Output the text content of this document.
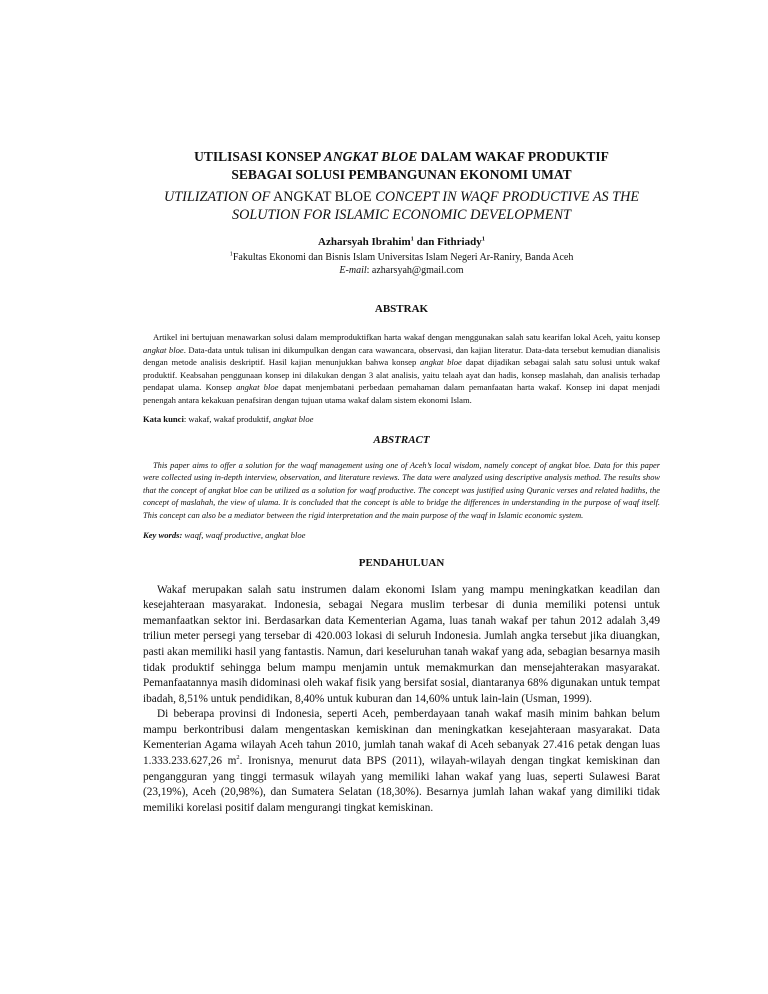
UTILISASI KONSEP ANGKAT BLOE DALAM WAKAF PRODUKTIF
SEBAGAI SOLUSI PEMBANGUNAN EKONOMI UMAT
UTILIZATION OF ANGKAT BLOE CONCEPT IN WAQF PRODUCTIVE AS THE
SOLUTION FOR ISLAMIC ECONOMIC DEVELOPMENT
Azharsyah Ibrahim$^1$ dan Fithriady$^1$
$^1$Fakultas Ekonomi dan Bisnis Islam Universitas Islam Negeri Ar-Raniry, Banda Aceh
E-mail: azharsyah@gmail.com
ABSTRAK

Artikel ini bertujuan menawarkan solusi dalam memproduktifkan harta wakaf dengan menggunakan salah satu kearifan lokal Aceh, yaitu konsep angkat bloe. Data-data untuk tulisan ini dikumpulkan dengan cara wawancara, observasi, dan kajian literatur. Data-data tersebut kemudian dianalisis dengan metode analisis deskriptif. Hasil kajian menunjukkan bahwa konsep angkat bloe dapat dijadikan sebagai salah satu solusi untuk wakaf produktif. Keabsahan penggunaan konsep ini dilakukan dengan 3 alat analisis, yaitu telaah ayat dan hadis, konsep maslahah, dan analisis terhadap pendapat ulama. Konsep angkat bloe dapat menjembatani perbedaan pemahaman dalam pemanfaatan harta wakaf. Konsep ini dapat menjadi penengah antara kekakuan penafsiran dengan tujuan utama wakaf dalam sistem ekonomi Islam.

Kata kunci: wakaf, wakaf produktif, angkat bloe
ABSTRACT

This paper aims to offer a solution for the waqf management using one of Aceh’s local wisdom, namely concept of angkat bloe. Data for this paper were collected using in-depth interview, observation, and literature reviews. The data were analyzed using descriptive analysis method. The results show that the concept of angkat bloe can be utilized as a solution for waqf productive. The concept was justified using Quranic verses and related hadiths, the concept of maslahah, the view of ulama. It is concluded that the concept is able to bridge the differences in understanding in the purpose of waqf itself. This concept can also be a mediator between the rigid interpretation and the main purpose of the waqf in Islamic economic system.

Key words: waqf, waqf productive, angkat bloe
PENDAHULUAN

Wakaf merupakan salah satu instrumen dalam ekonomi Islam yang mampu meningkatkan keadilan dan kesejahteraan masyarakat. Indonesia, sebagai Negara muslim terbesar di dunia memiliki potensi untuk memanfaatkan sektor ini. Berdasarkan data Kementerian Agama, luas tanah wakaf per tahun 2012 adalah 3,49 triliun meter persegi yang tersebar di 420.003 lokasi di seluruh Indonesia. Jumlah angka tersebut jika diuangkan, pasti akan memiliki hasil yang fantastis. Namun, dari keseluruhan tanah wakaf yang ada, sebagian besarnya masih tidak produktif sehingga belum mampu menjamin untuk memakmurkan dan mensejahterakan masyarakat. Pemanfaatannya masih didominasi oleh wakaf fisik yang bersifat sosial, diantaranya 68% digunakan untuk tempat ibadah, 8,51% untuk pendidikan, 8,40% untuk kuburan dan 14,60% untuk lain-lain (Usman, 1999).

Di beberapa provinsi di Indonesia, seperti Aceh, pemberdayaan tanah wakaf masih minim bahkan belum mampu berkontribusi dalam mengentaskan kemiskinan dan meningkatkan kesejahteraan masyarakat. Data Kementerian Agama wilayah Aceh tahun 2010, jumlah tanah wakaf di Aceh sebanyak 27.416 petak dengan luas 1.333.233.627,26 $m^2$. Ironisnya, menurut data BPS (2011), wilayah-wilayah dengan tingkat kemiskinan dan pengangguran yang tinggi termasuk wilayah yang memiliki lahan wakaf yang luas, seperti Sulawesi Barat (23,19%), Aceh (20,98%), dan Sumatera Selatan (18,30%). Besarnya jumlah lahan wakaf yang dimiliki tidak memiliki korelasi positif dalam mengurangi tingkat kemiskinan.
